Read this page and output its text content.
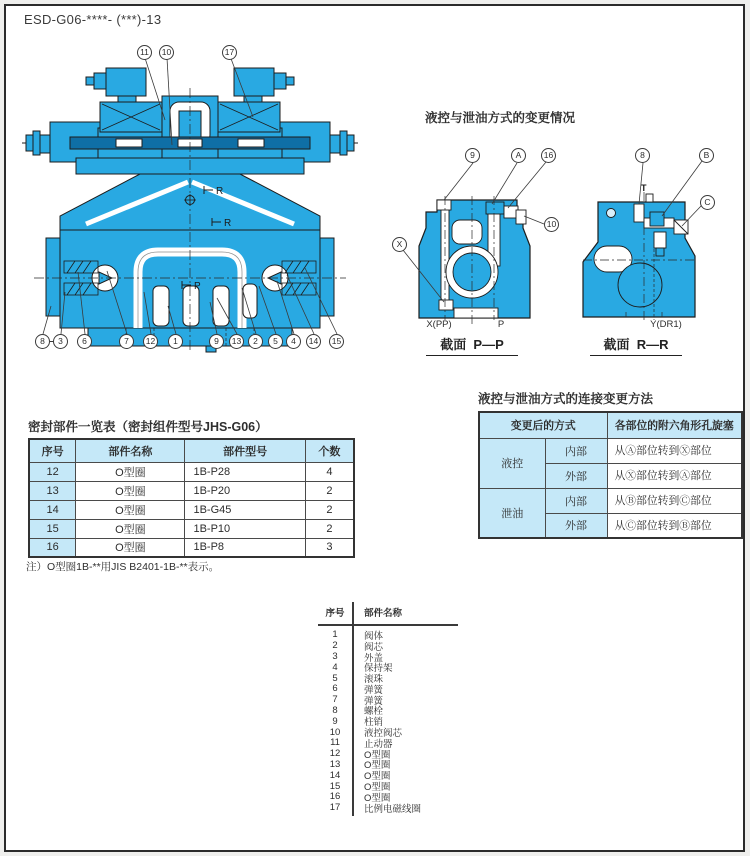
ESD-G06-****- (***)-13
R
R
P
11	10	17
8	3	6	7	12	1	9	13	2	5	4	14	15
液控与泄油方式的变更情况
9	A	16
10
X
X(PP)	P
截面  P—P
T
8	B
C
Y(DR1)
截面  R—R
密封部件一览表（密封组件型号JHS-G06）
序号	部件名称	部件型号	个数
12	O型圈	1B-P28	4
13	O型圈	1B-P20	2
14	O型圈	1B-G45	2
15	O型圈	1B-P10	2
16	O型圈	1B-P8	3
注）O型圈1B-**用JIS B2401-1B-**表示。
液控与泄油方式的连接变更方法
变更后的方式		各部位的附六角形孔旋塞
液控	内部	从Ⓐ部位转到Ⓧ部位
	外部	从Ⓧ部位转到Ⓐ部位
泄油	内部	从Ⓑ部位转到Ⓒ部位
	外部	从Ⓒ部位转到Ⓑ部位
序号	部件名称
1	阀体
2	阀芯
3	外盖
4	保持架
5	滚珠
6	弹簧
7	弹簧
8	螺栓
9	柱销
10	液控阀芯
11	止动器
12	O型圈
13	O型圈
14	O型圈
15	O型圈
16	O型圈
17	比例电磁线圈
